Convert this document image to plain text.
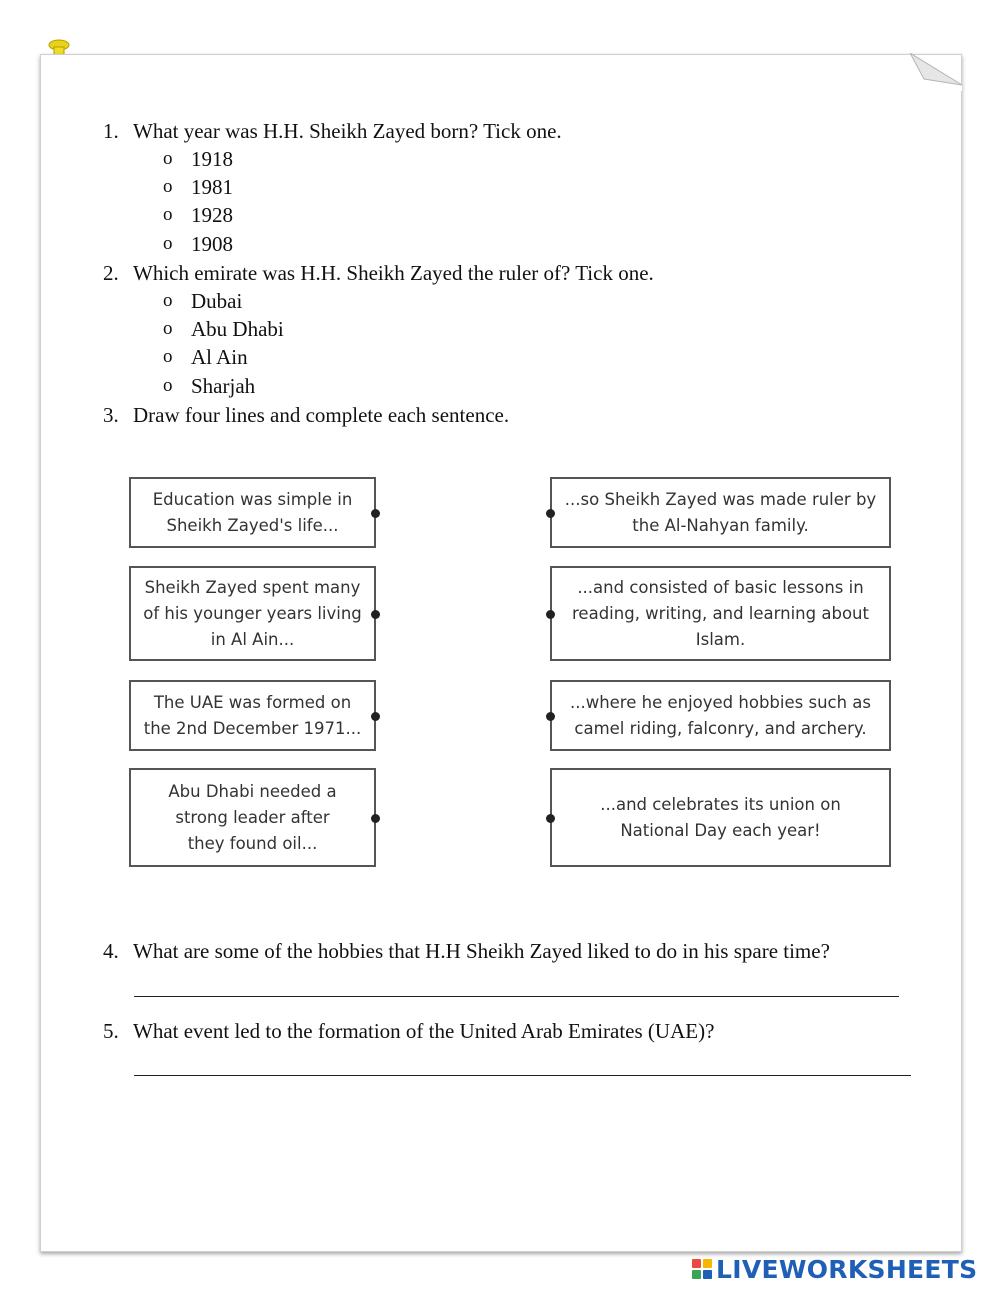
1. What year was H.H. Sheikh Zayed born? Tick one.
o 1918
o 1981
o 1928
o 1908
2. Which emirate was H.H. Sheikh Zayed the ruler of? Tick one.
o Dubai
o Abu Dhabi
o Al Ain
o Sharjah
3. Draw four lines and complete each sentence.
Education was simple in Sheikh Zayed's life...
Sheikh Zayed spent many of his younger years living in Al Ain...
The UAE was formed on the 2nd December 1971...
Abu Dhabi needed a strong leader after they found oil...
...so Sheikh Zayed was made ruler by the Al-Nahyan family.
...and consisted of basic lessons in reading, writing, and learning about Islam.
...where he enjoyed hobbies such as camel riding, falconry, and archery.
...and celebrates its union on National Day each year!
4. What are some of the hobbies that H.H Sheikh Zayed liked to do in his spare time?
5. What event led to the formation of the United Arab Emirates (UAE)?
LIVEWORKSHEETS
